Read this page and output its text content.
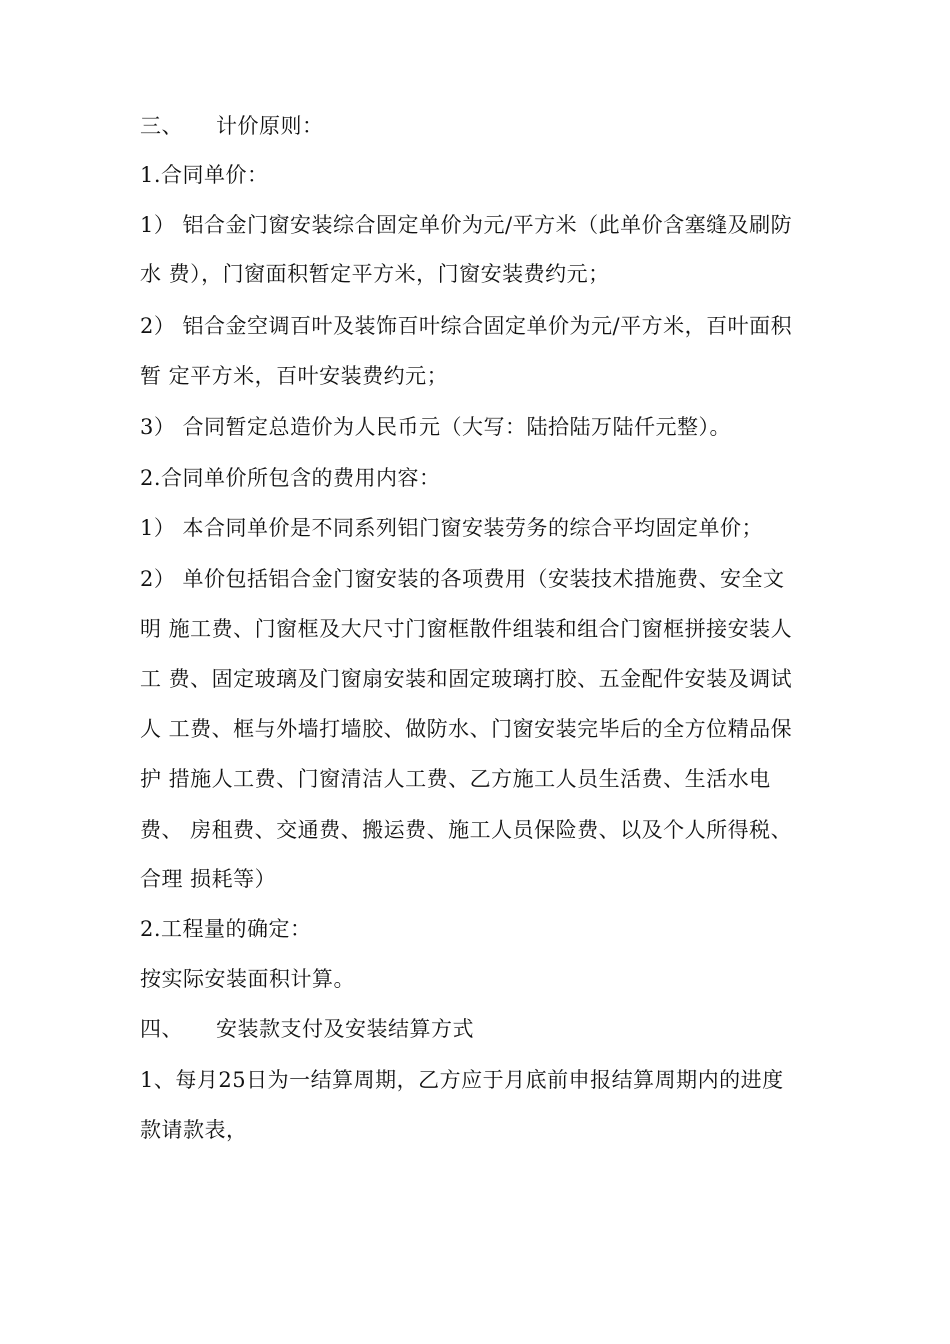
三、 计价原则：
1.合同单价：
1） 铝合金门窗安装综合固定单价为元/平方米（此单价含塞缝及刷防
水 费），门窗面积暂定平方米，门窗安装费约元；
2） 铝合金空调百叶及装饰百叶综合固定单价为元/平方米，百叶面积
暂 定平方米，百叶安装费约元；
3） 合同暂定总造价为人民币元（大写：陆拾陆万陆仟元整）。
2.合同单价所包含的费用内容：
1） 本合同单价是不同系列铝门窗安装劳务的综合平均固定单价；
2） 单价包括铝合金门窗安装的各项费用（安装技术措施费、安全文
明 施工费、门窗框及大尺寸门窗框散件组装和组合门窗框拼接安装人
工 费、固定玻璃及门窗扇安装和固定玻璃打胶、五金配件安装及调试
人 工费、框与外墙打墙胶、做防水、门窗安装完毕后的全方位精品保
护 措施人工费、门窗清洁人工费、乙方施工人员生活费、生活水电
费、 房租费、交通费、搬运费、施工人员保险费、以及个人所得税、
合理 损耗等）
2.工程量的确定：
按实际安装面积计算。
四、 安装款支付及安装结算方式
1、每月25日为一结算周期，乙方应于月底前申报结算周期内的进度
款请款表，
